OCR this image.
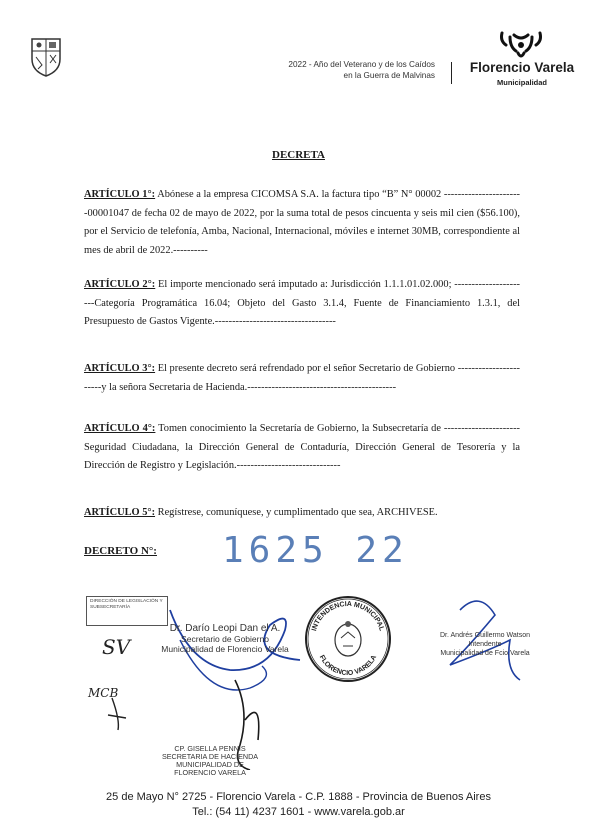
2022 - Año del Veterano y de los Caídos
en la Guerra de Malvinas
Florencio Varela
Municipalidad
DECRETA
ARTÍCULO 1°: Abónese a la empresa CICOMSA S.A. la factura tipo “B” N° 00002 -----------------------00001047 de fecha 02 de mayo de 2022, por la suma total de pesos cincuenta y seis mil cien ($56.100), por el Servicio de telefonía, Amba, Nacional, Internacional, móviles e internet 30MB, correspondiente al mes de abril de 2022.----------
ARTÍCULO 2°: El importe mencionado será imputado a: Jurisdicción 1.1.1.01.02.000; ----------------------Categoría Programática 16.04; Objeto del Gasto 3.1.4, Fuente de Financiamiento 1.3.1, del Presupuesto de Gastos Vigente.-----------------------------------
ARTÍCULO 3°: El presente decreto será refrendado por el señor Secretario de Gobierno -----------------------y la señora Secretaria de Hacienda.-------------------------------------------
ARTÍCULO 4°: Tomen conocimiento la Secretaría de Gobierno, la Subsecretaría de ----------------------Seguridad Ciudadana, la Dirección General de Contaduría, Dirección General de Tesorería y la Dirección de Registro y Legislación.------------------------------
ARTÍCULO 5°: Regístrese, comuníquese, y cumplimentado que sea, ARCHIVESE.
DECRETO N°: 1625 22
DIRECCIÓN DE LEGISLACIÓN Y SUBSECRETARÍA
SV
MCB
Dr. Darío Leopi Dan el A.
Secretario de Gobierno
Municipalidad de Florencio Varela
INTENDENCIA MUNICIPAL
FLORENCIO VARELA
Dr. Andrés Guillermo Watson
Intendente
Municipalidad de Fcio.Varela
CP. GISELLA PENNIS
SECRETARIA DE HACIENDA
MUNICIPALIDAD DE FLORENCIO VARELA
25 de Mayo N° 2725 - Florencio Varela - C.P. 1888 - Provincia de Buenos Aires
Tel.: (54 11) 4237 1601 - www.varela.gob.ar
